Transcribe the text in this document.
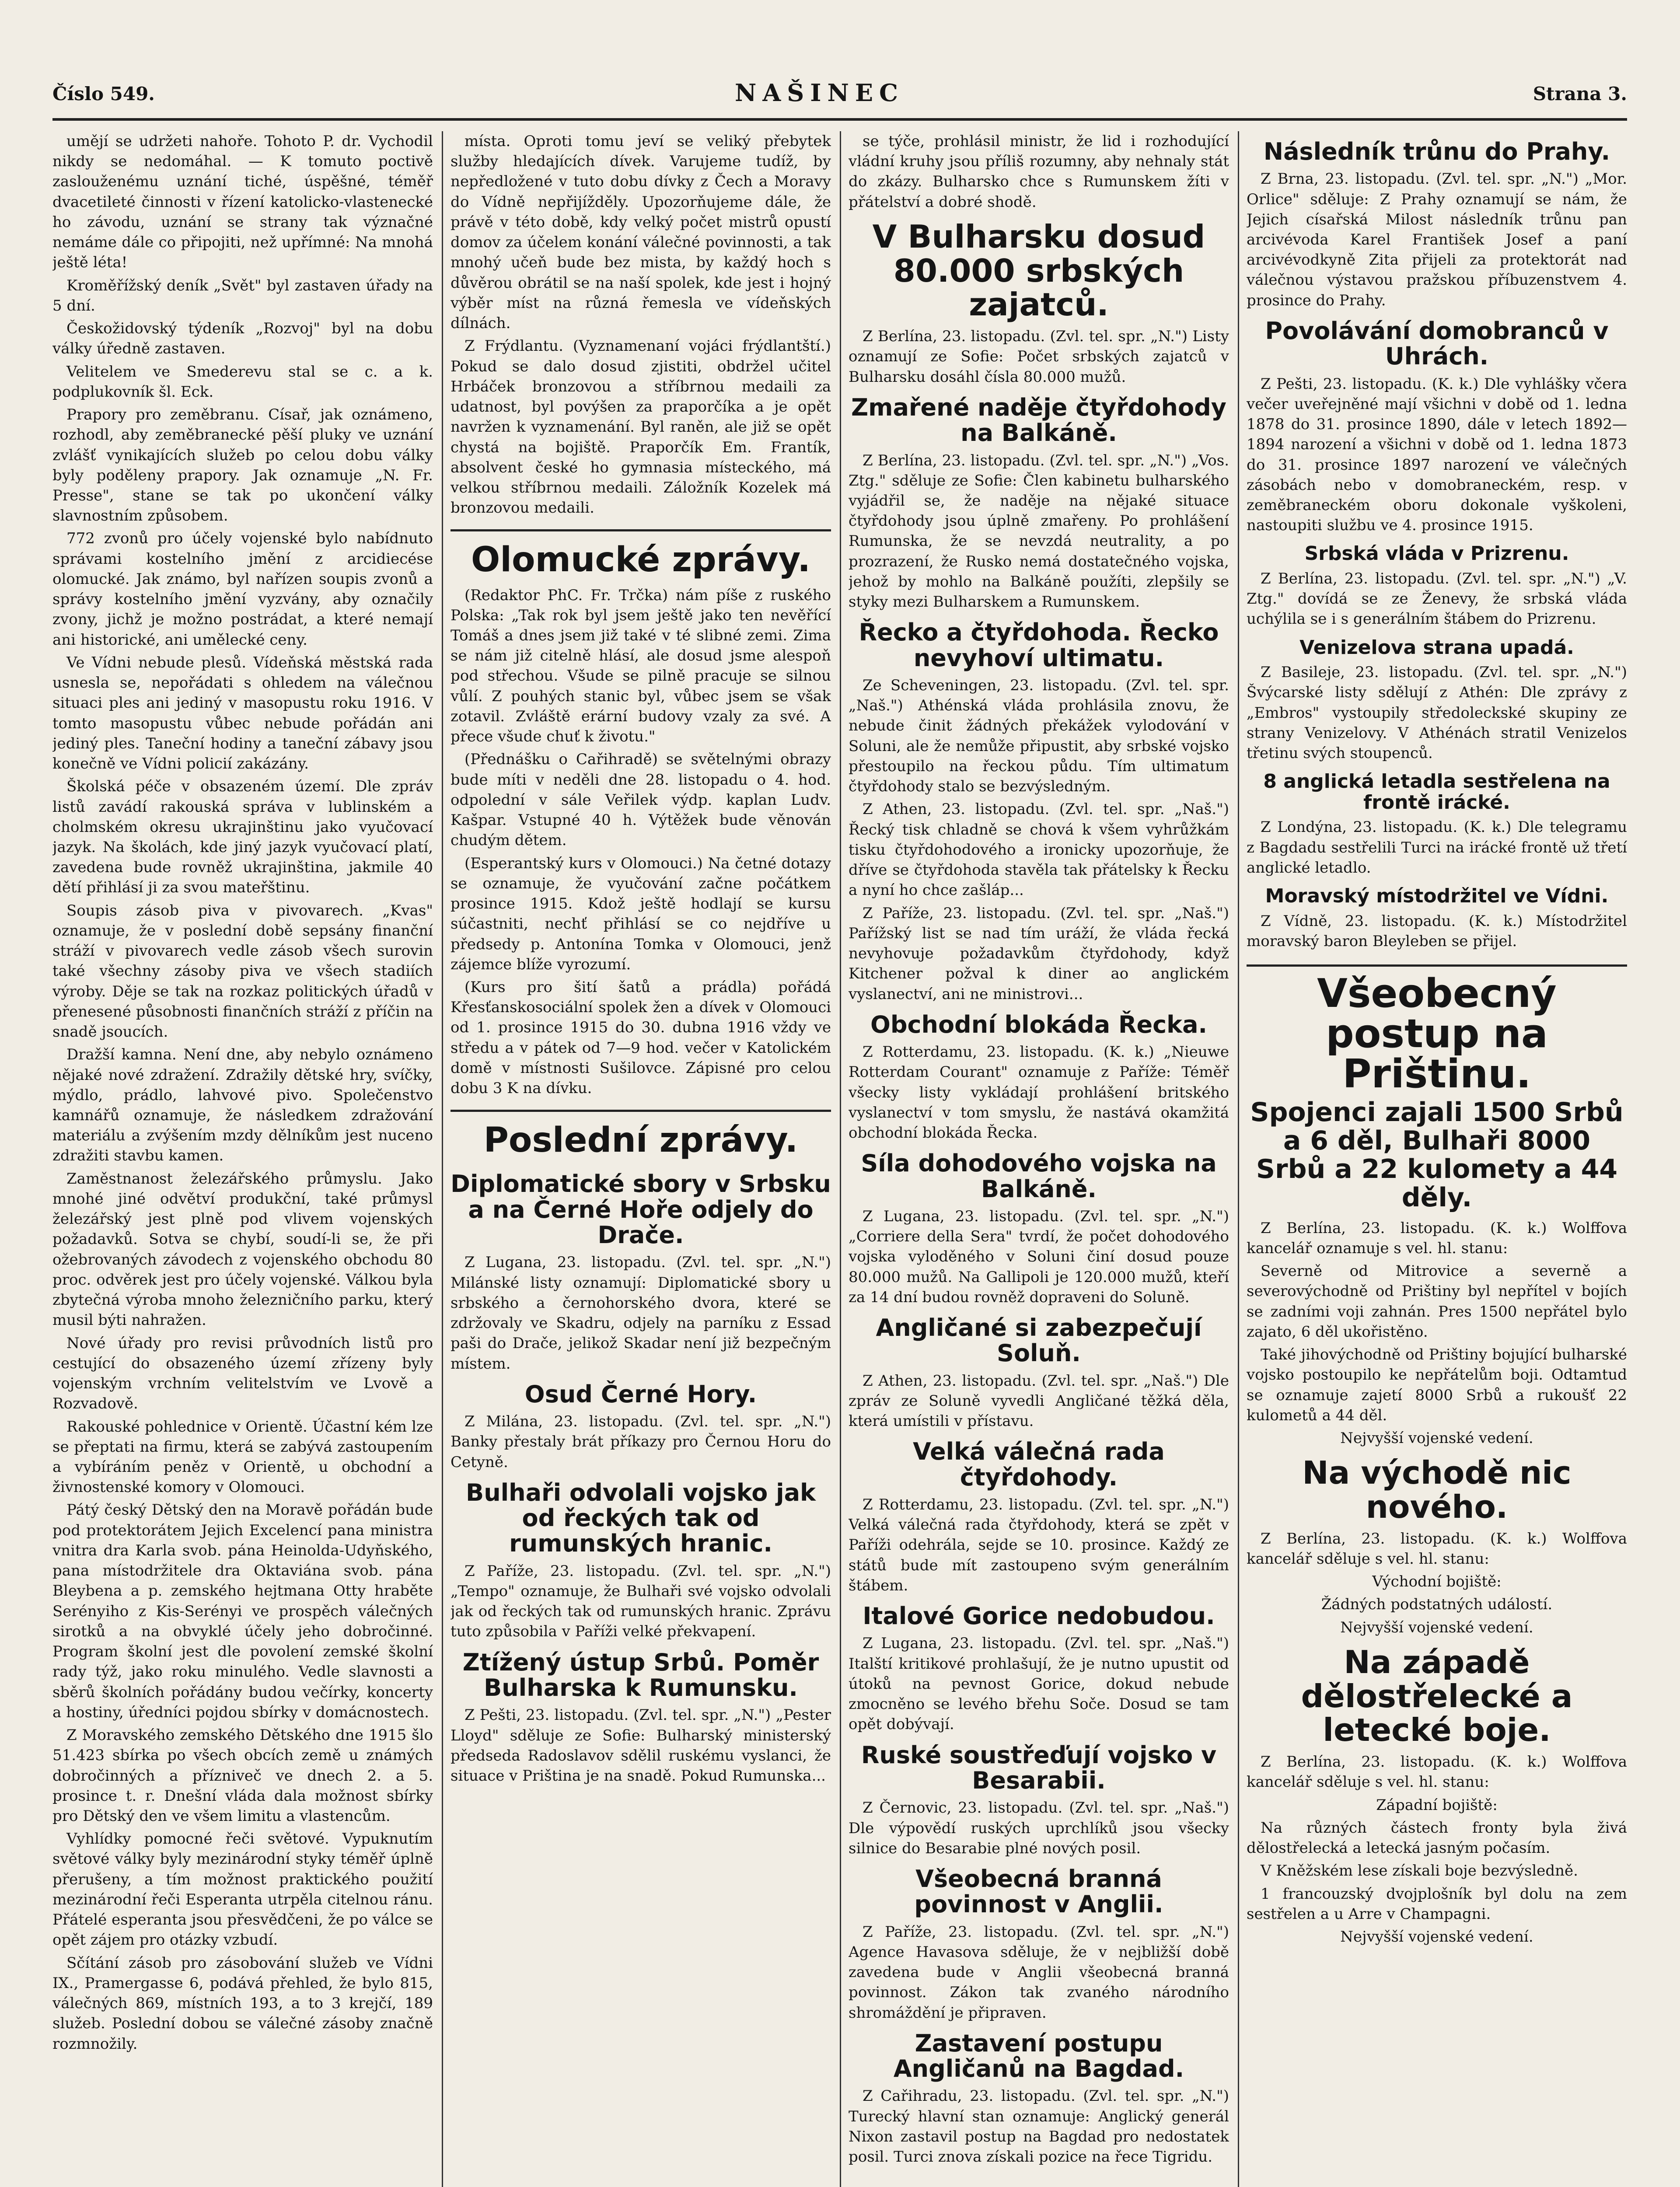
Číslo 549.	NAŠINEC	Strana 3.

umějí se udržeti nahoře. Tohoto P. dr. Vychodil nikdy se nedomáhal. — K tomuto poctivě zaslouženému uznání tiché, úspěšné, téměř dvacetileté činnosti v řízení katolicko-vlastenecké ho závodu, uznání se strany tak význačné nemáme dále co připojiti, než upřímné: Na mnohá ještě léta!

Kroměřížský deník „Svět" byl zastaven úřady na 5 dní.

Českožidovský týdeník „Rozvoj" byl na dobu války úředně zastaven.

Velitelem ve Smederevu stal se c. a k. podplukovník šl. Eck.

Prapory pro zeměbranu. Císař, jak oznámeno, rozhodl, aby zeměbranecké pěší pluky ve uznání zvlášť vynikajících služeb po celou dobu války byly poděleny prapory. Jak oznamuje „N. Fr. Presse", stane se tak po ukončení války slavnostním způsobem.

772 zvonů pro účely vojenské bylo nabídnuto správami kostelního jmění z arcidiecése olomucké. Jak známo, byl nařízen soupis zvonů a správy kostelního jmění vyzvány, aby označily zvony, jichž je možno postrádat, a které nemají ani historické, ani umělecké ceny.

Ve Vídni nebude plesů. Vídeňská městská rada usnesla se, nepořádati s ohledem na válečnou situaci ples ani jediný v masopustu roku 1916. V tomto masopustu vůbec nebude pořádán ani jediný ples. Taneční hodiny a taneční zábavy jsou konečně ve Vídni policií zakázány.

Školská péče v obsazeném území. Dle zpráv listů zavádí rakouská správa v lublinském a cholmském okresu ukrajinštinu jako vyučovací jazyk. Na školách, kde jiný jazyk vyučovací platí, zavedena bude rovněž ukrajinština, jakmile 40 dětí přihlásí ji za svou mateřštinu.

Soupis zásob piva v pivovarech. „Kvas" oznamuje, že v poslední době sepsány finanční stráží v pivovarech vedle zásob všech surovin také všechny zásoby piva ve všech stadiích výroby. Děje se tak na rozkaz politických úřadů v přenesené působnosti finančních stráží z příčin na snadě jsoucích.

Dražší kamna. Není dne, aby nebylo oznámeno nějaké nové zdražení. Zdražily dětské hry, svíčky, mýdlo, prádlo, lahvové pivo. Společenstvo kamnářů oznamuje, že následkem zdražování materiálu a zvýšením mzdy dělníkům jest nuceno zdražiti stavbu kamen.

Zaměstnanost železářského průmyslu. Jako mnohé jiné odvětví produkční, také průmysl železářský jest plně pod vlivem vojenských požadavků. Sotva se chybí, soudí-li se, že při ožebrovaných závodech z vojenského obchodu 80 proc. odvěrek jest pro účely vojenské. Válkou byla zbytečná výroba mnoho železničního parku, který musil býti nahražen.

Nové úřady pro revisi průvodních listů pro cestující do obsazeného území zřízeny byly vojenským vrchním velitelstvím ve Lvově a Rozvadově.

Rakouské pohlednice v Orientě. Účastní kém lze se přeptati na firmu, která se zabývá zastoupením a vybíráním peněz v Orientě, u obchodní a živnostenské komory v Olomouci.

Pátý český Dětský den na Moravě pořádán bude pod protektorátem Jejich Excelencí pana ministra vnitra dra Karla svob. pána Heinolda-Udyňského, pana místodržitele dra Oktaviána svob. pána Bleybena a p. zemského hejtmana Otty hraběte Serényiho z Kis-Serényi ve prospěch válečných sirotků a na obvyklé účely jeho dobročinné. Program školní jest dle povolení zemské školní rady týž, jako roku minulého. Vedle slavnosti a sběrů školních pořádány budou večírky, koncerty a hostiny, úředníci pojdou sbírky v domácnostech.

Z Moravského zemského Dětského dne 1915 šlo 51.423 sbírka po všech obcích země u známých dobročinných a přízniveč ve dnech 2. a 5. prosince t. r. Dnešní vláda dala možnost sbírky pro Dětský den ve všem limitu a vlastencům.

Vyhlídky pomocné řeči světové. Vypuknutím světové války byly mezinárodní styky téměř úplně přerušeny, a tím možnost praktického použití mezinárodní řeči Esperanta utrpěla citelnou ránu. Přátelé esperanta jsou přesvědčeni, že po válce se opět zájem pro otázky vzbudí.

Sčítání zásob pro zásobování služeb ve Vídni IX., Pramergasse 6, podává přehled, že bylo 815, válečných 869, místních 193, a to 3 krejčí, 189 služeb. Poslední dobou se válečné zásoby značně rozmnožily.

místa. Oproti tomu jeví se veliký přebytek služby hledajících dívek. Varujeme tudíž, by nepředložené v tuto dobu dívky z Čech a Moravy do Vídně nepřijížděly. Upozorňujeme dále, že právě v této době, kdy velký počet mistrů opustí domov za účelem konání válečné povinnosti, a tak mnohý učeň bude bez mista, by každý hoch s důvěrou obrátil se na naší spolek, kde jest i hojný výběr míst na různá řemesla ve vídeňských dílnách.

Z Frýdlantu. (Vyznamenaní vojáci frýdlantští.) Pokud se dalo dosud zjistiti, obdržel učitel Hrbáček bronzovou a stříbrnou medaili za udatnost, byl povýšen za praporčíka a je opět navržen k vyznamenání. Byl raněn, ale již se opět chystá na bojiště. Praporčík Em. Frantík, absolvent české ho gymnasia místeckého, má velkou stříbrnou medaili. Záložník Kozelek má bronzovou medaili.

Olomucké zprávy.

(Redaktor PhC. Fr. Trčka) nám píše z ruského Polska: „Tak rok byl jsem ještě jako ten nevěřící Tomáš a dnes jsem již také v té slibné zemi. Zima se nám již citelně hlásí, ale dosud jsme alespoň pod střechou. Všude se pilně pracuje se silnou vůlí. Z pouhých stanic byl, vůbec jsem se však zotavil. Zvláště erární budovy vzaly za své. A přece všude chuť k životu."

(Přednášku o Cařihradě) se světelnými obrazy bude míti v neděli dne 28. listopadu o 4. hod. odpolední v sále Veřilek výdp. kaplan Ludv. Kašpar. Vstupné 40 h. Výtěžek bude věnován chudým dětem.

(Esperantský kurs v Olomouci.) Na četné dotazy se oznamuje, že vyučování začne počátkem prosince 1915. Kdož ještě hodlají se kursu súčastniti, nechť přihlásí se co nejdříve u předsedy p. Antonína Tomka v Olomouci, jenž zájemce blíže vyrozumí.

(Kurs pro šití šatů a prádla) pořádá Křesťanskosociální spolek žen a dívek v Olomouci od 1. prosince 1915 do 30. dubna 1916 vždy ve středu a v pátek od 7—9 hod. večer v Katolickém domě v místnosti Sušilovce. Zápisné pro celou dobu 3 K na dívku.

Poslední zprávy.
Diplomatické sbory v Srbsku a na Černé Hoře odjely do Drače.

Z Lugana, 23. listopadu. (Zvl. tel. spr. „N.") Milánské listy oznamují: Diplomatické sbory u srbského a černohorského dvora, které se zdržovaly ve Skadru, odjely na parníku z Essad paši do Drače, jelikož Skadar není již bezpečným místem.

Osud Černé Hory.

Z Milána, 23. listopadu. (Zvl. tel. spr. „N.") Banky přestaly brát příkazy pro Černou Horu do Cetyně.

Bulhaři odvolali vojsko jak od řeckých tak od rumunských hranic.

Z Paříže, 23. listopadu. (Zvl. tel. spr. „N.") „Tempo" oznamuje, že Bulhaři své vojsko odvolali jak od řeckých tak od rumunských hranic. Zprávu tuto způsobila v Paříži velké překvapení.

Ztížený ústup Srbů. Poměr Bulharska k Rumunsku.

Z Pešti, 23. listopadu. (Zvl. tel. spr. „N.") „Pester Lloyd" sděluje ze Sofie: Bulharský ministerský předseda Radoslavov sdělil ruskému vyslanci, že situace v Priština je na snadě. Pokud Rumunska...

se týče, prohlásil ministr, že lid i rozhodující vládní kruhy jsou příliš rozumny, aby nehnaly stát do zkázy. Bulharsko chce s Rumunskem žíti v přátelství a dobré shodě.

V Bulharsku dosud 80.000 srbských zajatců.

Z Berlína, 23. listopadu. (Zvl. tel. spr. „N.") Listy oznamují ze Sofie: Počet srbských zajatců v Bulharsku dosáhl čísla 80.000 mužů.

Zmařené naděje čtyřdohody na Balkáně.

Z Berlína, 23. listopadu. (Zvl. tel. spr. „N.") „Vos. Ztg." sděluje ze Sofie: Člen kabinetu bulharského vyjádřil se, že naděje na nějaké situace čtyřdohody jsou úplně zmařeny. Po prohlášení Rumunska, že se nevzdá neutrality, a po prozrazení, že Rusko nemá dostatečného vojska, jehož by mohlo na Balkáně použíti, zlepšily se styky mezi Bulharskem a Rumunskem.

Řecko a čtyřdohoda. Řecko nevyhoví ultimatu.

Ze Scheveningen, 23. listopadu. (Zvl. tel. spr. „Naš.") Athénská vláda prohlásila znovu, že nebude činit žádných překážek vylodování v Soluni, ale že nemůže připustit, aby srbské vojsko přestoupilo na řeckou půdu. Tím ultimatum čtyřdohody stalo se bezvýsledným.

Z Athen, 23. listopadu. (Zvl. tel. spr. „Naš.") Řecký tisk chladně se chová k všem vyhrůžkám tisku čtyřdohodového a ironicky upozorňuje, že dříve se čtyřdohoda stavěla tak přátelsky k Řecku a nyní ho chce zašláp...

Z Paříže, 23. listopadu. (Zvl. tel. spr. „Naš.") Pařížský list se nad tím uráží, že vláda řecká nevyhovuje požadavkům čtyřdohody, když Kitchener požval k diner ao anglickém vyslanectví, ani ne ministrovi...

Obchodní blokáda Řecka.

Z Rotterdamu, 23. listopadu. (K. k.) „Nieuwe Rotterdam Courant" oznamuje z Paříže: Téměř všecky listy vykládají prohlášení britského vyslanectví v tom smyslu, že nastává okamžitá obchodní blokáda Řecka.

Síla dohodového vojska na Balkáně.

Z Lugana, 23. listopadu. (Zvl. tel. spr. „N.") „Corriere della Sera" tvrdí, že počet dohodového vojska vyloděného v Soluni činí dosud pouze 80.000 mužů. Na Gallipoli je 120.000 mužů, kteří za 14 dní budou rovněž dopraveni do Soluně.

Angličané si zabezpečují Soluň.

Z Athen, 23. listopadu. (Zvl. tel. spr. „Naš.") Dle zpráv ze Soluně vyvedli Angličané těžká děla, která umístili v přístavu.

Velká válečná rada čtyřdohody.

Z Rotterdamu, 23. listopadu. (Zvl. tel. spr. „N.") Velká válečná rada čtyřdohody, která se zpět v Paříži odehrála, sejde se 10. prosince. Každý ze států bude mít zastoupeno svým generálním štábem.

Italové Gorice nedobudou.

Z Lugana, 23. listopadu. (Zvl. tel. spr. „Naš.") Italští kritikové prohlašují, že je nutno upustit od útoků na pevnost Gorice, dokud nebude zmocněno se levého břehu Soče. Dosud se tam opět dobývají.

Ruské soustřeďují vojsko v Besarabii.

Z Černovic, 23. listopadu. (Zvl. tel. spr. „Naš.") Dle výpovědí ruských uprchlíků jsou všecky silnice do Besarabie plné nových posil.

Všeobecná branná povinnost v Anglii.

Z Paříže, 23. listopadu. (Zvl. tel. spr. „N.") Agence Havasova sděluje, že v nejbližší době zavedena bude v Anglii všeobecná branná povinnost. Zákon tak zvaného národního shromáždění je připraven.

Zastavení postupu Angličanů na Bagdad.

Z Cařihradu, 23. listopadu. (Zvl. tel. spr. „N.") Turecký hlavní stan oznamuje: Anglický generál Nixon zastavil postup na Bagdad pro nedostatek posil. Turci znova získali pozice na řece Tigridu.

Následník trůnu do Prahy.

Z Brna, 23. listopadu. (Zvl. tel. spr. „N.") „Mor. Orlice" sděluje: Z Prahy oznamují se nám, že Jejich císařská Milost následník trůnu pan arcivévoda Karel František Josef a paní arcivévodkyně Zita přijeli za protektorát nad válečnou výstavou pražskou příbuzenstvem 4. prosince do Prahy.

Povolávání domobranců v Uhrách.

Z Pešti, 23. listopadu. (K. k.) Dle vyhlášky včera večer uveřejněné mají všichni v době od 1. ledna 1878 do 31. prosince 1890, dále v letech 1892—1894 narození a všichni v době od 1. ledna 1873 do 31. prosince 1897 narození ve válečných zásobách nebo v domobraneckém, resp. v zeměbraneckém oboru dokonale vyškoleni, nastoupiti službu ve 4. prosince 1915.

Srbská vláda v Prizrenu.

Z Berlína, 23. listopadu. (Zvl. tel. spr. „N.") „V. Ztg." dovídá se ze Ženevy, že srbská vláda uchýlila se i s generálním štábem do Prizrenu.

Venizelova strana upadá.

Z Basileje, 23. listopadu. (Zvl. tel. spr. „N.") Švýcarské listy sdělují z Athén: Dle zprávy z „Embros" vystoupily středoleckské skupiny ze strany Venizelovy. V Athénách stratil Venizelos třetinu svých stoupenců.

8 anglická letadla sestřelena na frontě irácké.

Z Londýna, 23. listopadu. (K. k.) Dle telegramu z Bagdadu sestřelili Turci na irácké frontě už třetí anglické letadlo.

Moravský místodržitel ve Vídni.

Z Vídně, 23. listopadu. (K. k.) Místodržitel moravský baron Bleyleben se přijel.

Všeobecný postup na Prištinu.
Spojenci zajali 1500 Srbů a 6 děl, Bulhaři 8000 Srbů a 22 kulomety a 44 děly.

Z Berlína, 23. listopadu. (K. k.) Wolffova kancelář oznamuje s vel. hl. stanu:

Severně od Mitrovice a severně a severovýchodně od Prištiny byl nepřítel v bojích se zadními voji zahnán. Pres 1500 nepřátel bylo zajato, 6 děl ukořistěno.

Také jihovýchodně od Prištiny bojující bulharské vojsko postoupilo ke nepřátelům boji. Odtamtud se oznamuje zajetí 8000 Srbů a rukoušť 22 kulometů a 44 děl.

Nejvyšší vojenské vedení.

Na východě nic nového.

Z Berlína, 23. listopadu. (K. k.) Wolffova kancelář sděluje s vel. hl. stanu:

Východní bojiště:

Žádných podstatných událostí.

Nejvyšší vojenské vedení.

Na západě dělostřelecké a letecké boje.

Z Berlína, 23. listopadu. (K. k.) Wolffova kancelář sděluje s vel. hl. stanu:

Západní bojiště:

Na různých částech fronty byla živá dělostřelecká a letecká jasným počasím.

V Kněžském lese získali boje bezvýsledně.

1 francouzský dvojplošník byl dolu na zem sestřelen a u Arre v Champagni.

Nejvyšší vojenské vedení.
